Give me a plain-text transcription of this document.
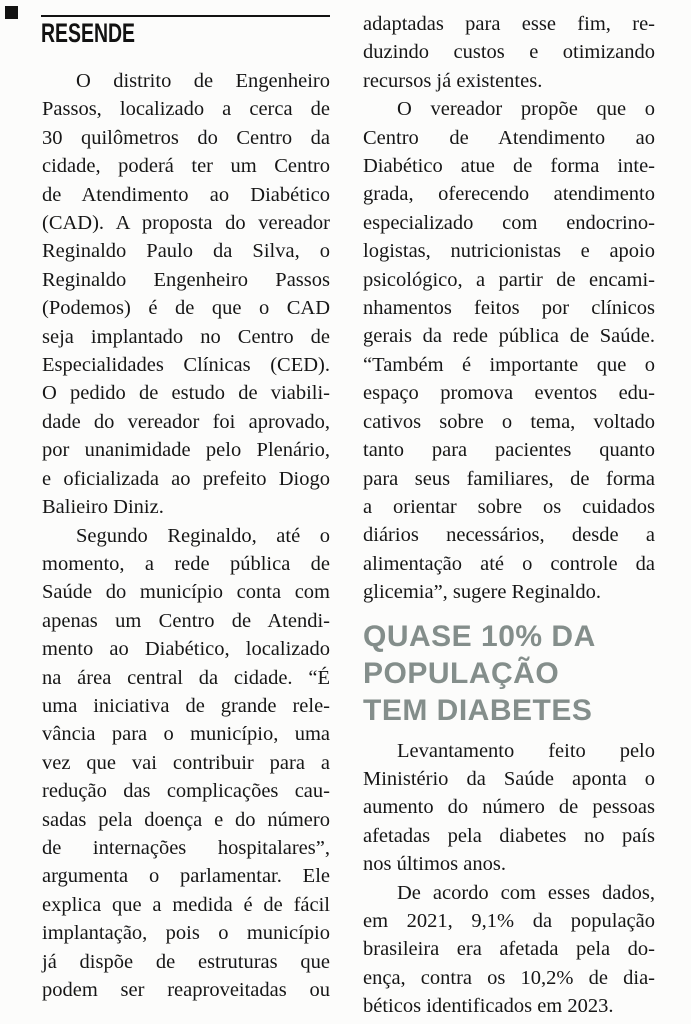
RESENDE
O distrito de Engenheiro
Passos, localizado a cerca de
30 quilômetros do Centro da
cidade, poderá ter um Centro
de Atendimento ao Diabético
(CAD). A proposta do vereador
Reginaldo Paulo da Silva, o
Reginaldo Engenheiro Passos
(Podemos) é de que o CAD
seja implantado no Centro de
Especialidades Clínicas (CED).
O pedido de estudo de viabili-
dade do vereador foi aprovado,
por unanimidade pelo Plenário,
e oficializada ao prefeito Diogo
Balieiro Diniz.
Segundo Reginaldo, até o
momento, a rede pública de
Saúde do município conta com
apenas um Centro de Atendi-
mento ao Diabético, localizado
na área central da cidade. “É
uma iniciativa de grande rele-
vância para o município, uma
vez que vai contribuir para a
redução das complicações cau-
sadas pela doença e do número
de internações hospitalares”,
argumenta o parlamentar. Ele
explica que a medida é de fácil
implantação, pois o município
já dispõe de estruturas que
podem ser reaproveitadas ou
adaptadas para esse fim, re-
duzindo custos e otimizando
recursos já existentes.
O vereador propõe que o
Centro de Atendimento ao
Diabético atue de forma inte-
grada, oferecendo atendimento
especializado com endocrino-
logistas, nutricionistas e apoio
psicológico, a partir de encami-
nhamentos feitos por clínicos
gerais da rede pública de Saúde.
“Também é importante que o
espaço promova eventos edu-
cativos sobre o tema, voltado
tanto para pacientes quanto
para seus familiares, de forma
a orientar sobre os cuidados
diários necessários, desde a
alimentação até o controle da
glicemia”, sugere Reginaldo.
QUASE 10% DA
POPULAÇÃO
TEM DIABETES
Levantamento feito pelo
Ministério da Saúde aponta o
aumento do número de pessoas
afetadas pela diabetes no país
nos últimos anos.
De acordo com esses dados,
em 2021, 9,1% da população
brasileira era afetada pela do-
ença, contra os 10,2% de dia-
béticos identificados em 2023.
